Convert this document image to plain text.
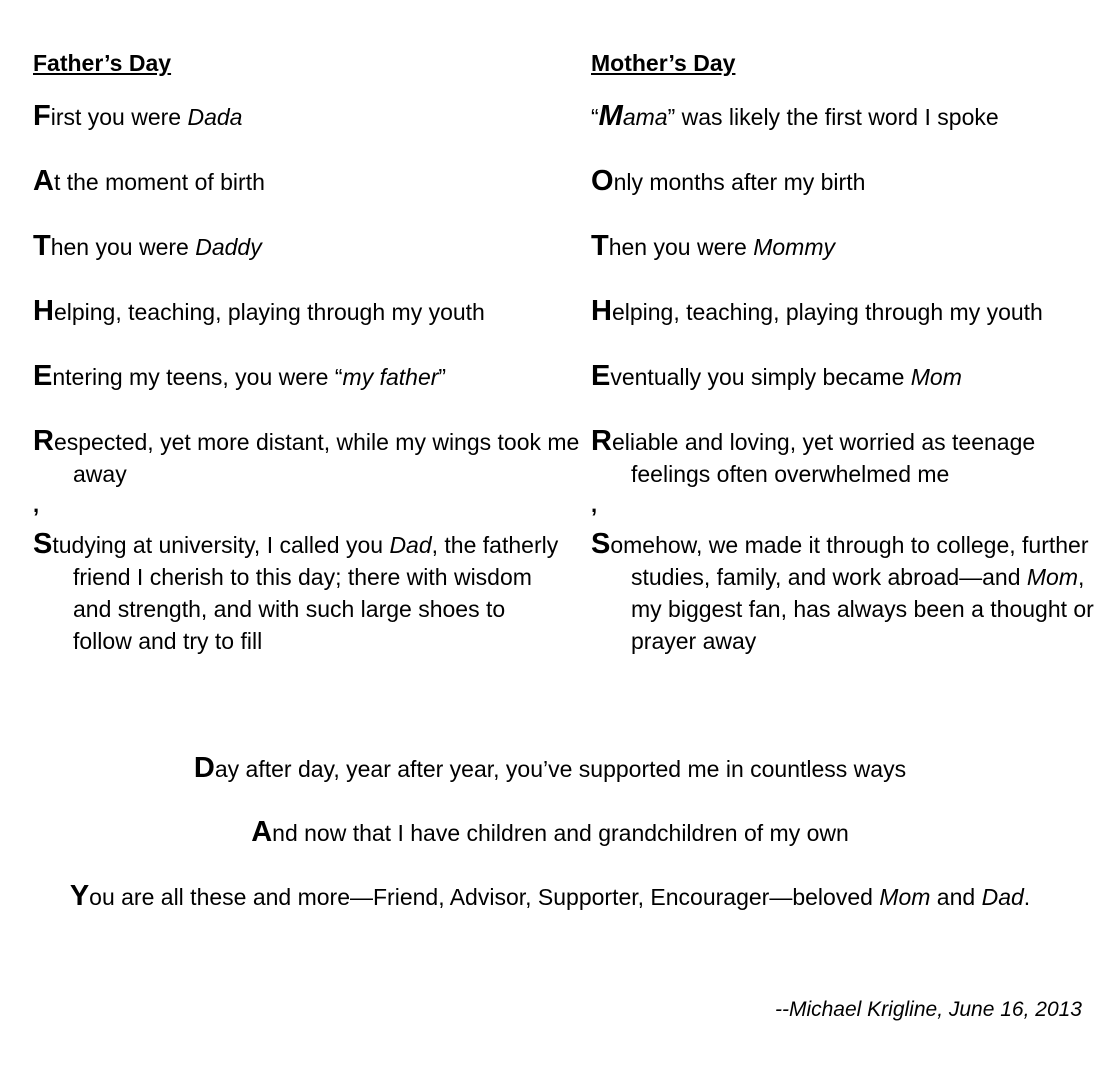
Father’s Day
First you were Dada
At the moment of birth
Then you were Daddy
Helping, teaching, playing through my youth
Entering my teens, you were “my father”
Respected, yet more distant, while my wings took me away
,
Studying at university, I called you Dad, the fatherly friend I cherish to this day; there with wisdom and strength, and with such large shoes to follow and try to fill
Mother’s Day
“Mama” was likely the first word I spoke
Only months after my birth
Then you were Mommy
Helping, teaching, playing through my youth
Eventually you simply became Mom
Reliable and loving, yet worried as teenage feelings often overwhelmed me
,
Somehow, we made it through to college, further studies, family, and work abroad—and Mom, my biggest fan, has always been a thought or prayer away
Day after day, year after year, you’ve supported me in countless ways
And now that I have children and grandchildren of my own
You are all these and more—Friend, Advisor, Supporter, Encourager—beloved Mom and Dad.
--Michael Krigline, June 16, 2013
